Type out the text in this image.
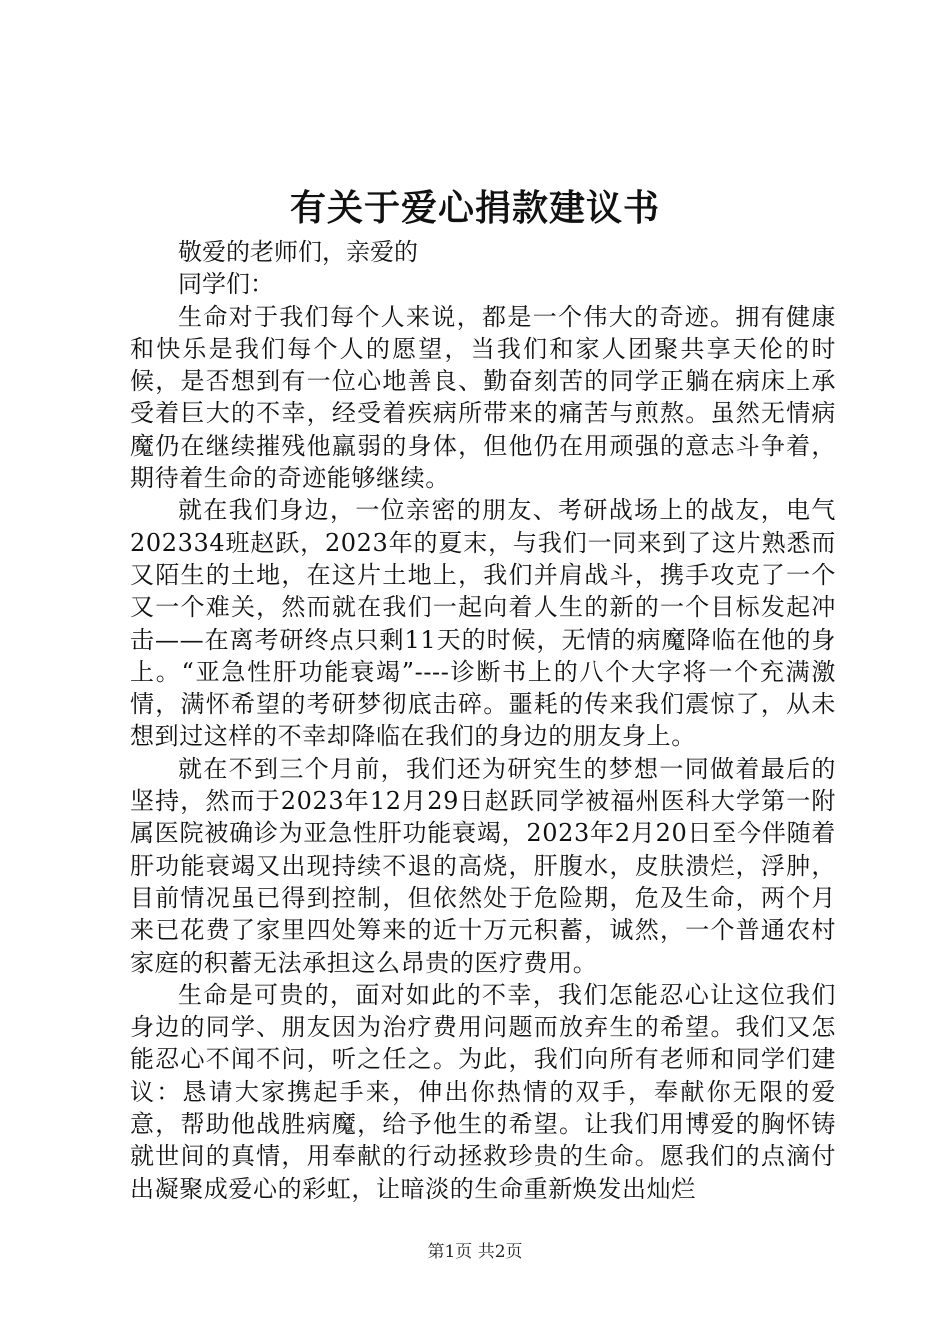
有关于爱心捐款建议书

敬爱的老师们，亲爱的

同学们：

生命对于我们每个人来说，都是一个伟大的奇迹。拥有健康和快乐是我们每个人的愿望，当我们和家人团聚共享天伦的时候，是否想到有一位心地善良、勤奋刻苦的同学正躺在病床上承受着巨大的不幸，经受着疾病所带来的痛苦与煎熬。虽然无情病魔仍在继续摧残他羸弱的身体，但他仍在用顽强的意志斗争着，期待着生命的奇迹能够继续。

就在我们身边，一位亲密的朋友、考研战场上的战友，电气202334班赵跃，2023年的夏末，与我们一同来到了这片熟悉而又陌生的土地，在这片土地上，我们并肩战斗，携手攻克了一个又一个难关，然而就在我们一起向着人生的新的一个目标发起冲击——在离考研终点只剩11天的时候，无情的病魔降临在他的身上。“亚急性肝功能衰竭”----诊断书上的八个大字将一个充满激情，满怀希望的考研梦彻底击碎。噩耗的传来我们震惊了，从未想到过这样的不幸却降临在我们的身边的朋友身上。

就在不到三个月前，我们还为研究生的梦想一同做着最后的坚持，然而于2023年12月29日赵跃同学被福州医科大学第一附属医院被确诊为亚急性肝功能衰竭，2023年2月20日至今伴随着肝功能衰竭又出现持续不退的高烧，肝腹水，皮肤溃烂，浮肿，目前情况虽已得到控制，但依然处于危险期，危及生命，两个月来已花费了家里四处筹来的近十万元积蓄，诚然，一个普通农村家庭的积蓄无法承担这么昂贵的医疗费用。

生命是可贵的，面对如此的不幸，我们怎能忍心让这位我们身边的同学、朋友因为治疗费用问题而放弃生的希望。我们又怎能忍心不闻不问，听之任之。为此，我们向所有老师和同学们建议：恳请大家携起手来，伸出你热情的双手，奉献你无限的爱意，帮助他战胜病魔，给予他生的希望。让我们用博爱的胸怀铸就世间的真情，用奉献的行动拯救珍贵的生命。愿我们的点滴付出凝聚成爱心的彩虹，让暗淡的生命重新焕发出灿烂

第1页 共2页
